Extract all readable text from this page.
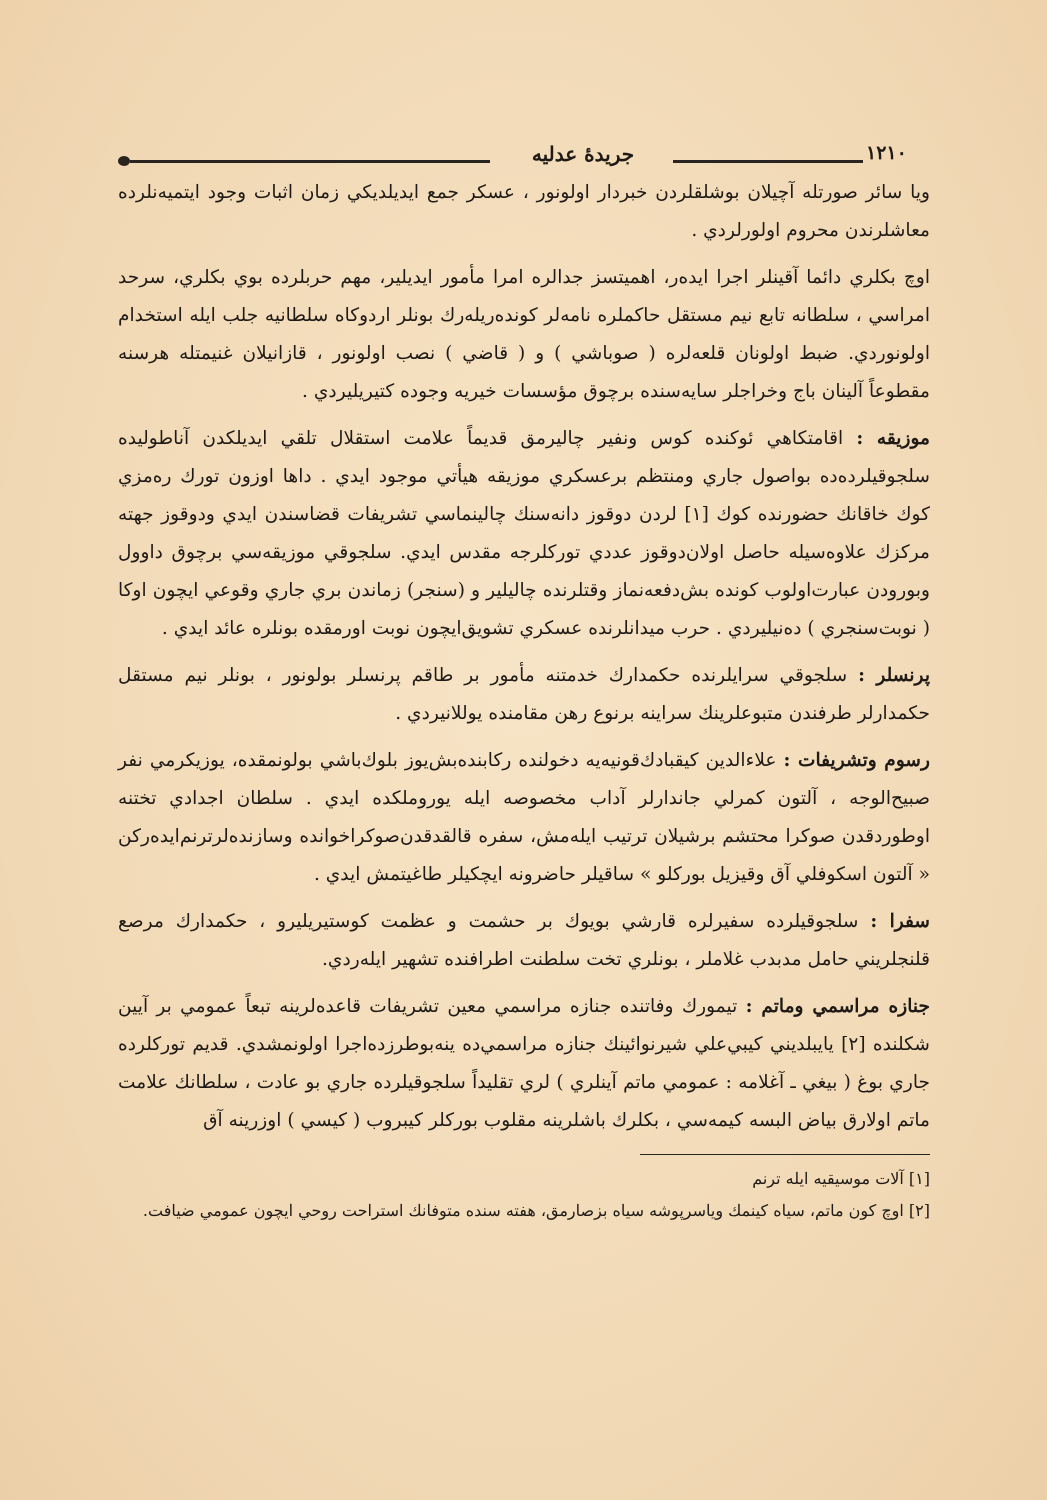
جريدهٔ عدليه	١٢١٠

ويا سائر صورتله آچيلان بوشلقلردن خبردار اولونور ، عسكر جمع ايديلديكي زمان اثبات وجود ايتميه‌نلرده معاشلرندن محروم اولورلردي .

اوچ بكلري دائما آقينلر اجرا ايده‌ر، اهميتسز جدالره امرا مأمور ايديلير، مهم حربلرده بوي بكلري، سرحد امراسي ، سلطانه تابع نيم مستقل حاكملره نامه‌لر كونده‌ريله‌رك بونلر اردوكاه سلطانيه جلب ايله استخدام اولونوردي. ضبط اولونان قلعه‌لره ( صوباشي ) و ( قاضي ) نصب اولونور ، قازانيلان غنيمتله هرسنه مقطوعاً آلينان باج وخراجلر سايه‌سنده برچوق مؤسسات خيريه وجوده كتيريليردي .

موزيقه : اقامتكاهي ئوكنده كوس ونفير چاليرمق قديماً علامت استقلال تلقي ايديلكدن آناطوليده سلجوقيلرده‌ده بواصول جاري ومنتظم برعسكري موزيقه هيأتي موجود ايدي . داها اوزون تورك ره‌مزي كوك خاقانك حضورنده كوك [١] لردن دوقوز دانه‌سنك چالينماسي تشريفات قضاسندن ايدي ودوقوز جهته مركزك علاوه‌سيله حاصل اولان‌دوقوز عددي توركلرجه مقدس ايدي. سلجوقي موزيقه‌سي برچوق داوول وبورودن عبارت‌اولوب كونده بش‌دفعه‌نماز وقتلرنده چاليلير و (سنجر) زماندن بري جاري وقوعي ايچون اوكا ( نوبت‌سنجري ) ده‌نيليردي . حرب ميدانلرنده عسكري تشويق‌ايچون نوبت اورمقده بونلره عائد ايدي .

پرنسلر : سلجوقي سرايلرنده حكمدارك خدمتنه مأمور بر طاقم پرنسلر بولونور ، بونلر نيم مستقل حكمدارلر طرفندن متبوعلرينك سراينه برنوع رهن مقامنده يوللانيردي .

رسوم وتشريفات : علاءالدين كيقبادك‌قونيه‌يه دخولنده ركابنده‌بش‌يوز بلوك‌باشي بولونمقده، يوزيكرمي نفر صبيح‌الوجه ، آلتون كمرلي جاندارلر آداب مخصوصه ايله يوروملكده ايدي . سلطان اجدادي تختنه اوطوردقدن صوكرا محتشم برشيلان ترتيب ايله‌مش، سفره قالقدقدن‌صوكراخوانده وسازنده‌لرترنم‌ايده‌ركن « آلتون اسكوفلي آق وقيزيل بوركلو » ساقيلر حاضرونه ايچكيلر طاغيتمش ايدي .

سفرا : سلجوقيلرده سفيرلره قارشي بويوك بر حشمت و عظمت كوستيريليرو ، حكمدارك مرصع قلنجلريني حامل مدبدب غلاملر ، بونلري تخت سلطنت اطرافنده تشهير ايله‌ردي.

جنازه مراسمي وماتم : تيمورك وفاتنده جنازه مراسمي معين تشريفات قاعده‌لرينه تبعاً عمومي بر آيين شكلنده [٢] يايبلديني كيبي‌علي شيرنوائينك جنازه مراسمي‌ده ينه‌بوطرزده‌اجرا اولونمشدي. قديم توركلرده جاري بوغ ( بيغي ـ آغلامه : عمومي ماتم آينلري ) لري تقليداً سلجوقيلرده جاري بو عادت ، سلطانك علامت ماتم اولارق بياض البسه كيمه‌سي ، بكلرك باشلرينه مقلوب بوركلر كيبروب ( كيسي ) اوزرينه آق

[١] آلات موسيقيه ايله ترنم

[٢] اوچ كون ماتم، سياه كينمك وياسرپوشه سياه بزصارمق، هفته سنده متوفانك استراحت روحي ايچون عمومي ضيافت.
